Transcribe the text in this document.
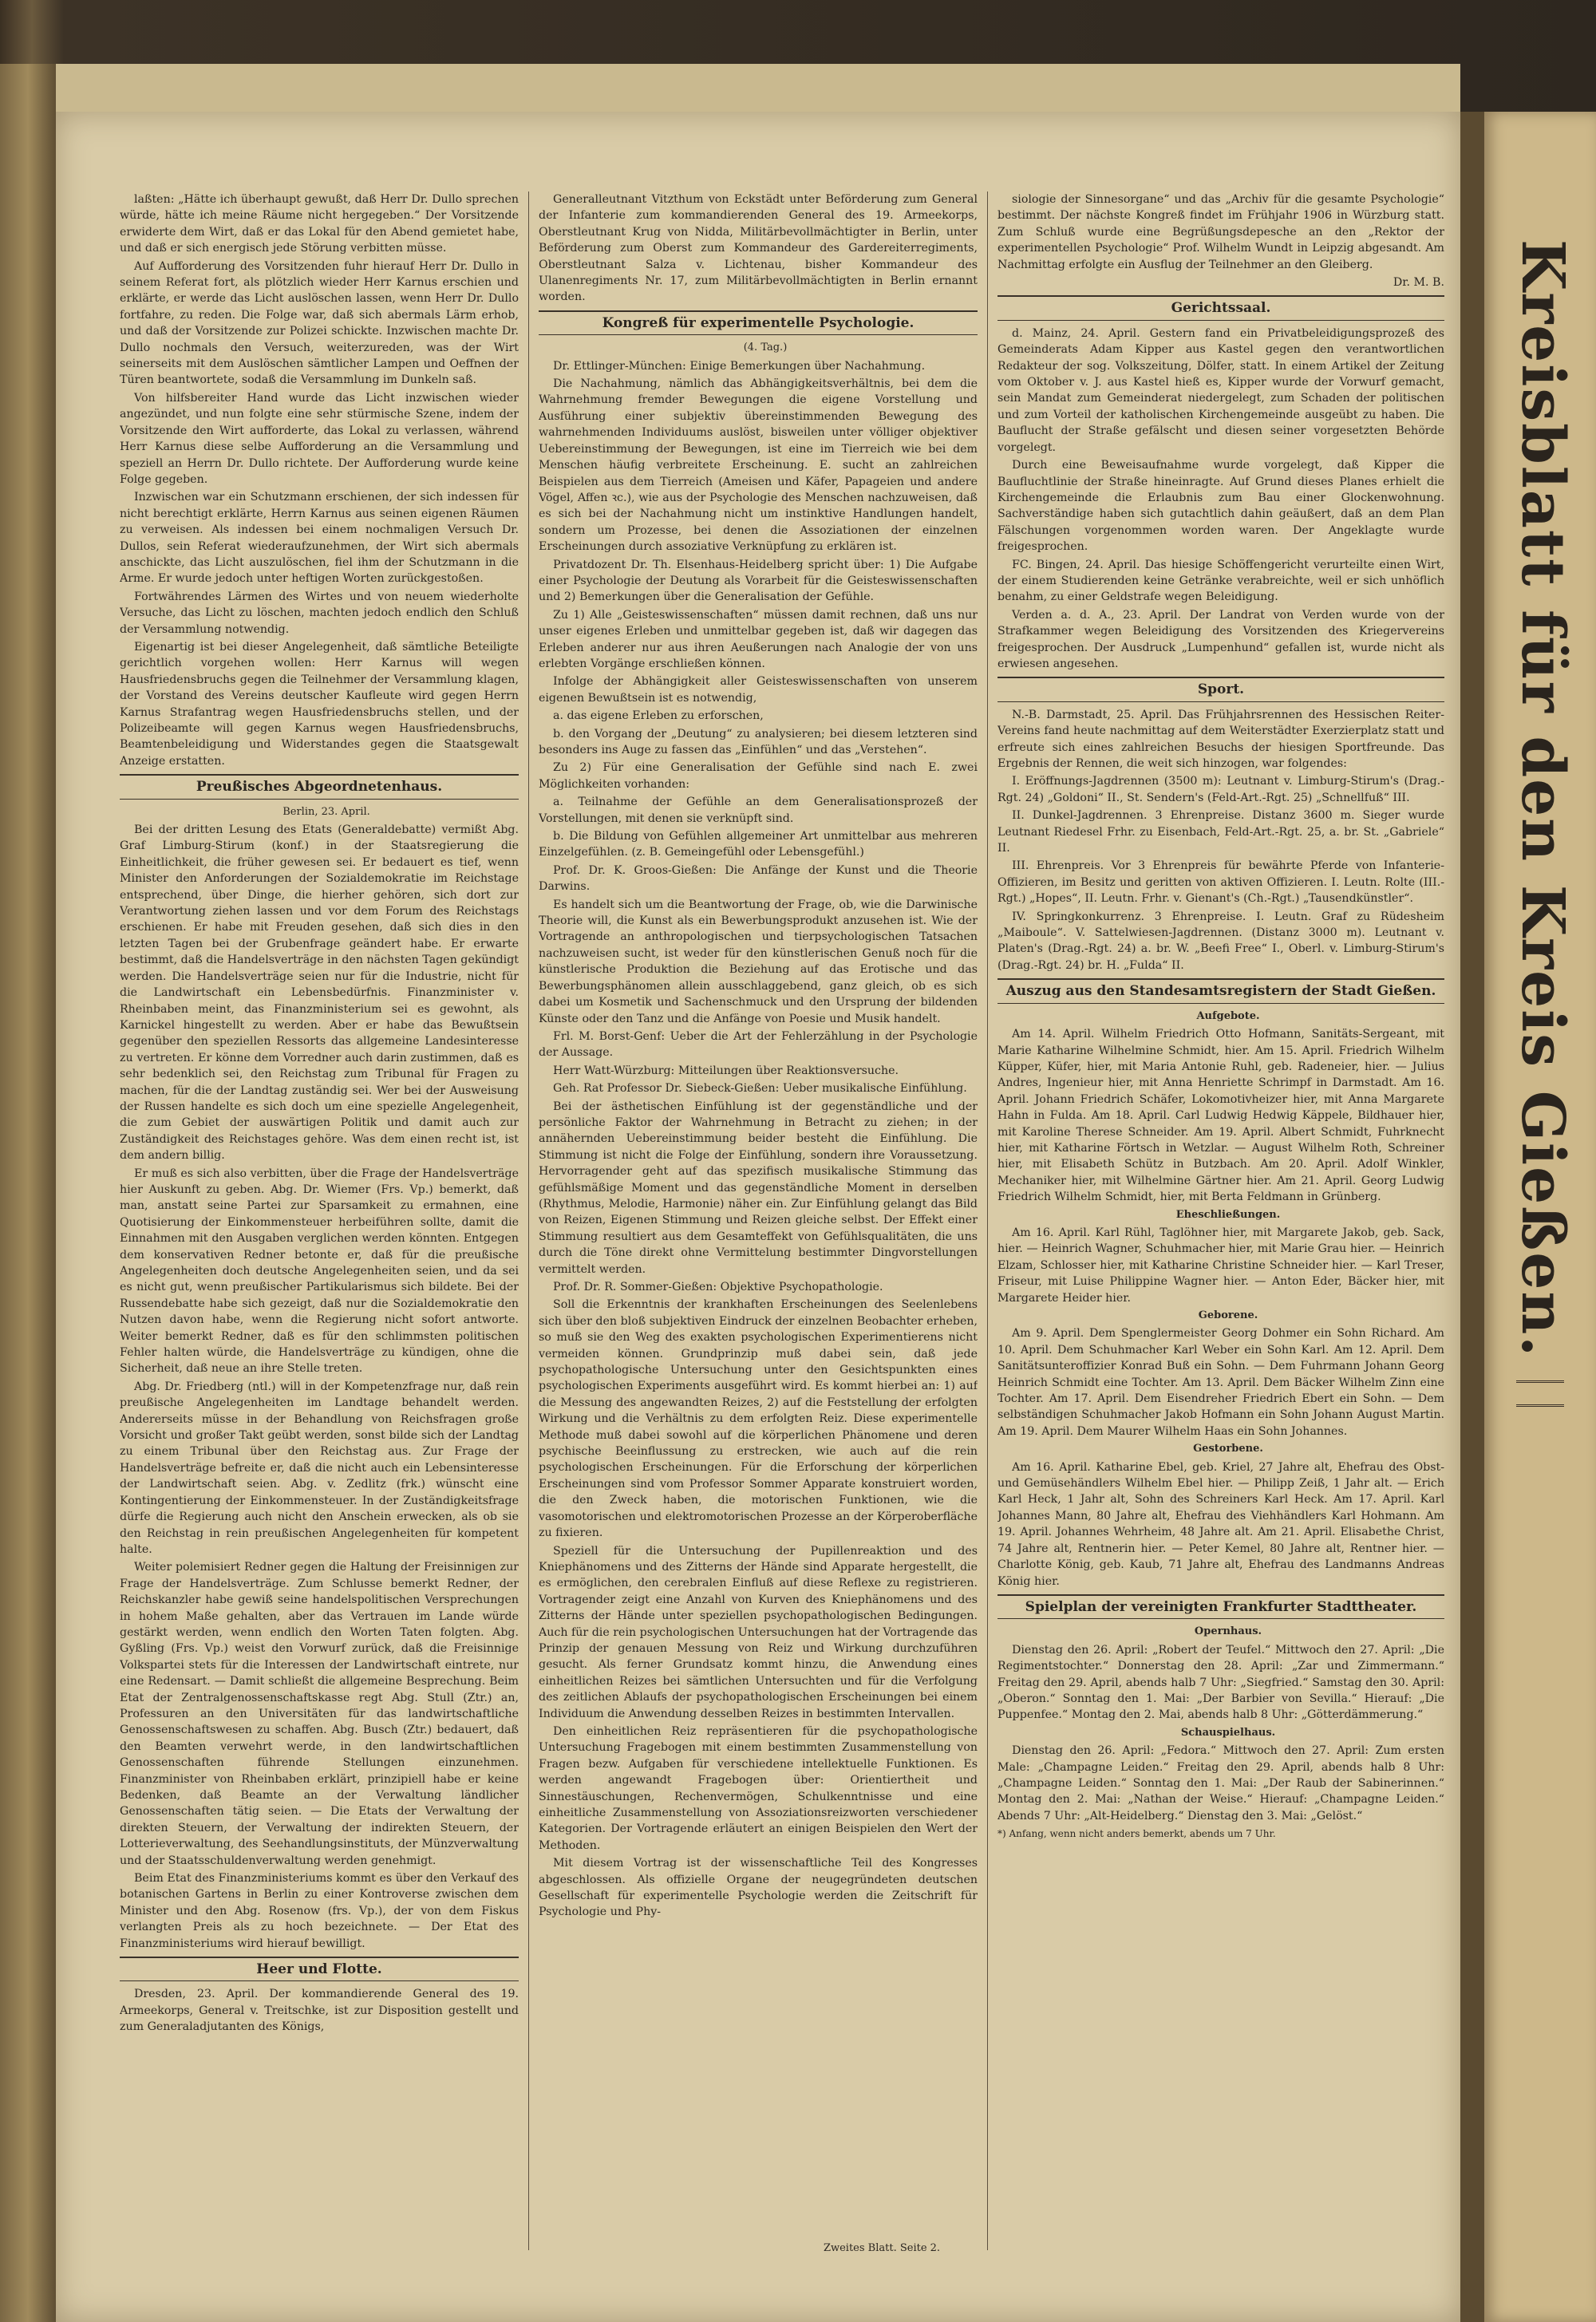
Kreisblatt für den Kreis Gießen.

laßten: „Hätte ich überhaupt gewußt, daß Herr Dr. Dullo sprechen würde, hätte ich meine Räume nicht hergegeben.“ Der Vorsitzende erwiderte dem Wirt, daß er das Lokal für den Abend gemietet habe, und daß er sich energisch jede Störung verbitten müsse.

Auf Aufforderung des Vorsitzenden fuhr hierauf Herr Dr. Dullo in seinem Referat fort, als plötzlich wieder Herr Karnus erschien und erklärte, er werde das Licht auslöschen lassen, wenn Herr Dr. Dullo fortfahre, zu reden. Die Folge war, daß sich abermals Lärm erhob, und daß der Vorsitzende zur Polizei schickte. Inzwischen machte Dr. Dullo nochmals den Versuch, weiterzureden, was der Wirt seinerseits mit dem Auslöschen sämtlicher Lampen und Oeffnen der Türen beantwortete, sodaß die Versammlung im Dunkeln saß.

Von hilfsbereiter Hand wurde das Licht inzwischen wieder angezündet, und nun folgte eine sehr stürmische Szene, indem der Vorsitzende den Wirt aufforderte, das Lokal zu verlassen, während Herr Karnus diese selbe Aufforderung an die Versammlung und speziell an Herrn Dr. Dullo richtete. Der Aufforderung wurde keine Folge gegeben.

Inzwischen war ein Schutzmann erschienen, der sich indessen für nicht berechtigt erklärte, Herrn Karnus aus seinen eigenen Räumen zu verweisen. Als indessen bei einem nochmaligen Versuch Dr. Dullos, sein Referat wiederaufzunehmen, der Wirt sich abermals anschickte, das Licht auszulöschen, fiel ihm der Schutzmann in die Arme. Er wurde jedoch unter heftigen Worten zurückgestoßen.

Fortwährendes Lärmen des Wirtes und von neuem wiederholte Versuche, das Licht zu löschen, machten jedoch endlich den Schluß der Versammlung notwendig.

Eigenartig ist bei dieser Angelegenheit, daß sämtliche Beteiligte gerichtlich vorgehen wollen: Herr Karnus will wegen Hausfriedensbruchs gegen die Teilnehmer der Versammlung klagen, der Vorstand des Vereins deutscher Kaufleute wird gegen Herrn Karnus Strafantrag wegen Hausfriedensbruchs stellen, und der Polizeibeamte will gegen Karnus wegen Hausfriedensbruchs, Beamtenbeleidigung und Widerstandes gegen die Staatsgewalt Anzeige erstatten.

Preußisches Abgeordnetenhaus.

Berlin, 23. April.

Bei der dritten Lesung des Etats (Generaldebatte) vermißt Abg. Graf Limburg-Stirum (konf.) in der Staatsregierung die Einheitlichkeit, die früher gewesen sei. Er bedauert es tief, wenn Minister den Anforderungen der Sozialdemokratie im Reichstage entsprechend, über Dinge, die hierher gehören, sich dort zur Verantwortung ziehen lassen und vor dem Forum des Reichstags erschienen. Er habe mit Freuden gesehen, daß sich dies in den letzten Tagen bei der Grubenfrage geändert habe. Er erwarte bestimmt, daß die Handelsverträge in den nächsten Tagen gekündigt werden. Die Handelsverträge seien nur für die Industrie, nicht für die Landwirtschaft ein Lebensbedürfnis. Finanzminister v. Rheinbaben meint, das Finanzministerium sei es gewohnt, als Karnickel hingestellt zu werden. Aber er habe das Bewußtsein gegenüber den speziellen Ressorts das allgemeine Landesinteresse zu vertreten. Er könne dem Vorredner auch darin zustimmen, daß es sehr bedenklich sei, den Reichstag zum Tribunal für Fragen zu machen, für die der Landtag zuständig sei. Wer bei der Ausweisung der Russen handelte es sich doch um eine spezielle Angelegenheit, die zum Gebiet der auswärtigen Politik und damit auch zur Zuständigkeit des Reichstages gehöre. Was dem einen recht ist, ist dem andern billig.

Er muß es sich also verbitten, über die Frage der Handelsverträge hier Auskunft zu geben. Abg. Dr. Wiemer (Frs. Vp.) bemerkt, daß man, anstatt seine Partei zur Sparsamkeit zu ermahnen, eine Quotisierung der Einkommensteuer herbeiführen sollte, damit die Einnahmen mit den Ausgaben verglichen werden könnten. Entgegen dem konservativen Redner betonte er, daß für die preußische Angelegenheiten doch deutsche Angelegenheiten seien, und da sei es nicht gut, wenn preußischer Partikularismus sich bildete. Bei der Russendebatte habe sich gezeigt, daß nur die Sozialdemokratie den Nutzen davon habe, wenn die Regierung nicht sofort antworte. Weiter bemerkt Redner, daß es für den schlimmsten politischen Fehler halten würde, die Handelsverträge zu kündigen, ohne die Sicherheit, daß neue an ihre Stelle treten.

Abg. Dr. Friedberg (ntl.) will in der Kompetenzfrage nur, daß rein preußische Angelegenheiten im Landtage behandelt werden. Andererseits müsse in der Behandlung von Reichsfragen große Vorsicht und großer Takt geübt werden, sonst bilde sich der Landtag zu einem Tribunal über den Reichstag aus. Zur Frage der Handelsverträge befreite er, daß die nicht auch ein Lebensinteresse der Landwirtschaft seien. Abg. v. Zedlitz (frk.) wünscht eine Kontingentierung der Einkommensteuer. In der Zuständigkeitsfrage dürfe die Regierung auch nicht den Anschein erwecken, als ob sie den Reichstag in rein preußischen Angelegenheiten für kompetent halte.

Weiter polemisiert Redner gegen die Haltung der Freisinnigen zur Frage der Handelsverträge. Zum Schlusse bemerkt Redner, der Reichskanzler habe gewiß seine handelspolitischen Versprechungen in hohem Maße gehalten, aber das Vertrauen im Lande würde gestärkt werden, wenn endlich den Worten Taten folgten. Abg. Gyßling (Frs. Vp.) weist den Vorwurf zurück, daß die Freisinnige Volkspartei stets für die Interessen der Landwirtschaft eintrete, nur eine Redensart. — Damit schließt die allgemeine Besprechung. Beim Etat der Zentralgenossenschaftskasse regt Abg. Stull (Ztr.) an, Professuren an den Universitäten für das landwirtschaftliche Genossenschaftswesen zu schaffen. Abg. Busch (Ztr.) bedauert, daß den Beamten verwehrt werde, in den landwirtschaftlichen Genossenschaften führende Stellungen einzunehmen. Finanzminister von Rheinbaben erklärt, prinzipiell habe er keine Bedenken, daß Beamte an der Verwaltung ländlicher Genossenschaften tätig seien. — Die Etats der Verwaltung der direkten Steuern, der Verwaltung der indirekten Steuern, der Lotterieverwaltung, des Seehandlungsinstituts, der Münzverwaltung und der Staatsschuldenverwaltung werden genehmigt.

Beim Etat des Finanzministeriums kommt es über den Verkauf des botanischen Gartens in Berlin zu einer Kontroverse zwischen dem Minister und den Abg. Rosenow (frs. Vp.), der von dem Fiskus verlangten Preis als zu hoch bezeichnete. — Der Etat des Finanzministeriums wird hierauf bewilligt.

Heer und Flotte.

Dresden, 23. April. Der kommandierende General des 19. Armeekorps, General v. Treitschke, ist zur Disposition gestellt und zum Generaladjutanten des Königs,

Generalleutnant Vitzthum von Eckstädt unter Beförderung zum General der Infanterie zum kommandierenden General des 19. Armeekorps, Oberstleutnant Krug von Nidda, Militärbevollmächtigter in Berlin, unter Beförderung zum Oberst zum Kommandeur des Gardereiterregiments, Oberstleutnant Salza v. Lichtenau, bisher Kommandeur des Ulanenregiments Nr. 17, zum Militärbevollmächtigten in Berlin ernannt worden.

Kongreß für experimentelle Psychologie.

(4. Tag.)

Dr. Ettlinger-München: Einige Bemerkungen über Nachahmung.

Die Nachahmung, nämlich das Abhängigkeitsverhältnis, bei dem die Wahrnehmung fremder Bewegungen die eigene Vorstellung und Ausführung einer subjektiv übereinstimmenden Bewegung des wahrnehmenden Individuums auslöst, bisweilen unter völliger objektiver Uebereinstimmung der Bewegungen, ist eine im Tierreich wie bei dem Menschen häufig verbreitete Erscheinung. E. sucht an zahlreichen Beispielen aus dem Tierreich (Ameisen und Käfer, Papageien und andere Vögel, Affen ꝛc.), wie aus der Psychologie des Menschen nachzuweisen, daß es sich bei der Nachahmung nicht um instinktive Handlungen handelt, sondern um Prozesse, bei denen die Assoziationen der einzelnen Erscheinungen durch assoziative Verknüpfung zu erklären ist.

Privatdozent Dr. Th. Elsenhaus-Heidelberg spricht über: 1) Die Aufgabe einer Psychologie der Deutung als Vorarbeit für die Geisteswissenschaften und 2) Bemerkungen über die Generalisation der Gefühle.

Zu 1) Alle „Geisteswissenschaften“ müssen damit rechnen, daß uns nur unser eigenes Erleben und unmittelbar gegeben ist, daß wir dagegen das Erleben anderer nur aus ihren Aeußerungen nach Analogie der von uns erlebten Vorgänge erschließen können.

Infolge der Abhängigkeit aller Geisteswissenschaften von unserem eigenen Bewußtsein ist es notwendig,

a. das eigene Erleben zu erforschen,

b. den Vorgang der „Deutung“ zu analysieren; bei diesem letzteren sind besonders ins Auge zu fassen das „Einfühlen“ und das „Verstehen“.

Zu 2) Für eine Generalisation der Gefühle sind nach E. zwei Möglichkeiten vorhanden:

a. Teilnahme der Gefühle an dem Generalisationsprozeß der Vorstellungen, mit denen sie verknüpft sind.

b. Die Bildung von Gefühlen allgemeiner Art unmittelbar aus mehreren Einzelgefühlen. (z. B. Gemeingefühl oder Lebensgefühl.)

Prof. Dr. K. Groos-Gießen: Die Anfänge der Kunst und die Theorie Darwins.

Es handelt sich um die Beantwortung der Frage, ob, wie die Darwinische Theorie will, die Kunst als ein Bewerbungsprodukt anzusehen ist. Wie der Vortragende an anthropologischen und tierpsychologischen Tatsachen nachzuweisen sucht, ist weder für den künstlerischen Genuß noch für die künstlerische Produktion die Beziehung auf das Erotische und das Bewerbungsphänomen allein ausschlaggebend, ganz gleich, ob es sich dabei um Kosmetik und Sachenschmuck und den Ursprung der bildenden Künste oder den Tanz und die Anfänge von Poesie und Musik handelt.

Frl. M. Borst-Genf: Ueber die Art der Fehlerzählung in der Psychologie der Aussage.

Herr Watt-Würzburg: Mitteilungen über Reaktionsversuche.

Geh. Rat Professor Dr. Siebeck-Gießen: Ueber musikalische Einfühlung.

Bei der ästhetischen Einfühlung ist der gegenständliche und der persönliche Faktor der Wahrnehmung in Betracht zu ziehen; in der annähernden Uebereinstimmung beider besteht die Einfühlung. Die Stimmung ist nicht die Folge der Einfühlung, sondern ihre Voraussetzung. Hervorragender geht auf das spezifisch musikalische Stimmung das gefühlsmäßige Moment und das gegenständliche Moment in derselben (Rhythmus, Melodie, Harmonie) näher ein. Zur Einfühlung gelangt das Bild von Reizen, Eigenen Stimmung und Reizen gleiche selbst. Der Effekt einer Stimmung resultiert aus dem Gesamteffekt von Gefühlsqualitäten, die uns durch die Töne direkt ohne Vermittelung bestimmter Dingvorstellungen vermittelt werden.

Prof. Dr. R. Sommer-Gießen: Objektive Psychopathologie.

Soll die Erkenntnis der krankhaften Erscheinungen des Seelenlebens sich über den bloß subjektiven Eindruck der einzelnen Beobachter erheben, so muß sie den Weg des exakten psychologischen Experimentierens nicht vermeiden können. Grundprinzip muß dabei sein, daß jede psychopathologische Untersuchung unter den Gesichtspunkten eines psychologischen Experiments ausgeführt wird. Es kommt hierbei an: 1) auf die Messung des angewandten Reizes, 2) auf die Feststellung der erfolgten Wirkung und die Verhältnis zu dem erfolgten Reiz. Diese experimentelle Methode muß dabei sowohl auf die körperlichen Phänomene und deren psychische Beeinflussung zu erstrecken, wie auch auf die rein psychologischen Erscheinungen. Für die Erforschung der körperlichen Erscheinungen sind vom Professor Sommer Apparate konstruiert worden, die den Zweck haben, die motorischen Funktionen, wie die vasomotorischen und elektromotorischen Prozesse an der Körperoberfläche zu fixieren.

Speziell für die Untersuchung der Pupillenreaktion und des Kniephänomens und des Zitterns der Hände sind Apparate hergestellt, die es ermöglichen, den cerebralen Einfluß auf diese Reflexe zu registrieren. Vortragender zeigt eine Anzahl von Kurven des Kniephänomens und des Zitterns der Hände unter speziellen psychopathologischen Bedingungen. Auch für die rein psychologischen Untersuchungen hat der Vortragende das Prinzip der genauen Messung von Reiz und Wirkung durchzuführen gesucht. Als ferner Grundsatz kommt hinzu, die Anwendung eines einheitlichen Reizes bei sämtlichen Untersuchten und für die Verfolgung des zeitlichen Ablaufs der psychopathologischen Erscheinungen bei einem Individuum die Anwendung desselben Reizes in bestimmten Intervallen.

Den einheitlichen Reiz repräsentieren für die psychopathologische Untersuchung Fragebogen mit einem bestimmten Zusammenstellung von Fragen bezw. Aufgaben für verschiedene intellektuelle Funktionen. Es werden angewandt Fragebogen über: Orientiertheit und Sinnestäuschungen, Rechenvermögen, Schulkenntnisse und eine einheitliche Zusammenstellung von Assoziationsreizworten verschiedener Kategorien. Der Vortragende erläutert an einigen Beispielen den Wert der Methoden.

Mit diesem Vortrag ist der wissenschaftliche Teil des Kongresses abgeschlossen. Als offizielle Organe der neugegründeten deutschen Gesellschaft für experimentelle Psychologie werden die Zeitschrift für Psychologie und Phy-

siologie der Sinnesorgane“ und das „Archiv für die gesamte Psychologie“ bestimmt. Der nächste Kongreß findet im Frühjahr 1906 in Würzburg statt. Zum Schluß wurde eine Begrüßungsdepesche an den „Rektor der experimentellen Psychologie“ Prof. Wilhelm Wundt in Leipzig abgesandt. Am Nachmittag erfolgte ein Ausflug der Teilnehmer an den Gleiberg.

Dr. M. B.

Gerichtssaal.

d. Mainz, 24. April. Gestern fand ein Privatbeleidigungsprozeß des Gemeinderats Adam Kipper aus Kastel gegen den verantwortlichen Redakteur der sog. Volkszeitung, Dölfer, statt. In einem Artikel der Zeitung vom Oktober v. J. aus Kastel hieß es, Kipper wurde der Vorwurf gemacht, sein Mandat zum Gemeinderat niedergelegt, zum Schaden der politischen und zum Vorteil der katholischen Kirchengemeinde ausgeübt zu haben. Die Bauflucht der Straße gefälscht und diesen seiner vorgesetzten Behörde vorgelegt.

Durch eine Beweisaufnahme wurde vorgelegt, daß Kipper die Baufluchtlinie der Straße hineinragte. Auf Grund dieses Planes erhielt die Kirchengemeinde die Erlaubnis zum Bau einer Glockenwohnung. Sachverständige haben sich gutachtlich dahin geäußert, daß an dem Plan Fälschungen vorgenommen worden waren. Der Angeklagte wurde freigesprochen.

FC. Bingen, 24. April. Das hiesige Schöffengericht verurteilte einen Wirt, der einem Studierenden keine Getränke verabreichte, weil er sich unhöflich benahm, zu einer Geldstrafe wegen Beleidigung.

Verden a. d. A., 23. April. Der Landrat von Verden wurde von der Strafkammer wegen Beleidigung des Vorsitzenden des Kriegervereins freigesprochen. Der Ausdruck „Lumpenhund“ gefallen ist, wurde nicht als erwiesen angesehen.

Sport.

N.-B. Darmstadt, 25. April. Das Frühjahrsrennen des Hessischen Reiter-Vereins fand heute nachmittag auf dem Weiterstädter Exerzierplatz statt und erfreute sich eines zahlreichen Besuchs der hiesigen Sportfreunde. Das Ergebnis der Rennen, die weit sich hinzogen, war folgendes:

I. Eröffnungs-Jagdrennen (3500 m): Leutnant v. Limburg-Stirum's (Drag.-Rgt. 24) „Goldoni“ II., St. Sendern's (Feld-Art.-Rgt. 25) „Schnellfuß“ III.

II. Dunkel-Jagdrennen. 3 Ehrenpreise. Distanz 3600 m. Sieger wurde Leutnant Riedesel Frhr. zu Eisenbach, Feld-Art.-Rgt. 25, a. br. St. „Gabriele“ II.

III. Ehrenpreis. Vor 3 Ehrenpreis für bewährte Pferde von Infanterie-Offizieren, im Besitz und geritten von aktiven Offizieren. I. Leutn. Rolte (III.-Rgt.) „Hopes“, II. Leutn. Frhr. v. Gienant's (Ch.-Rgt.) „Tausendkünstler“.

IV. Springkonkurrenz. 3 Ehrenpreise. I. Leutn. Graf zu Rüdesheim „Maiboule“. V. Sattelwiesen-Jagdrennen. (Distanz 3000 m). Leutnant v. Platen's (Drag.-Rgt. 24) a. br. W. „Beefi Free“ I., Oberl. v. Limburg-Stirum's (Drag.-Rgt. 24) br. H. „Fulda“ II.

Auszug aus den Standesamtsregistern der Stadt Gießen.

Aufgebote.

Am 14. April. Wilhelm Friedrich Otto Hofmann, Sanitäts-Sergeant, mit Marie Katharine Wilhelmine Schmidt, hier. Am 15. April. Friedrich Wilhelm Küpper, Küfer, hier, mit Maria Antonie Ruhl, geb. Radeneier, hier. — Julius Andres, Ingenieur hier, mit Anna Henriette Schrimpf in Darmstadt. Am 16. April. Johann Friedrich Schäfer, Lokomotivheizer hier, mit Anna Margarete Hahn in Fulda. Am 18. April. Carl Ludwig Hedwig Käppele, Bildhauer hier, mit Karoline Therese Schneider. Am 19. April. Albert Schmidt, Fuhrknecht hier, mit Katharine Förtsch in Wetzlar. — August Wilhelm Roth, Schreiner hier, mit Elisabeth Schütz in Butzbach. Am 20. April. Adolf Winkler, Mechaniker hier, mit Wilhelmine Gärtner hier. Am 21. April. Georg Ludwig Friedrich Wilhelm Schmidt, hier, mit Berta Feldmann in Grünberg.

Eheschließungen.

Am 16. April. Karl Rühl, Taglöhner hier, mit Margarete Jakob, geb. Sack, hier. — Heinrich Wagner, Schuhmacher hier, mit Marie Grau hier. — Heinrich Elzam, Schlosser hier, mit Katharine Christine Schneider hier. — Karl Treser, Friseur, mit Luise Philippine Wagner hier. — Anton Eder, Bäcker hier, mit Margarete Heider hier.

Geborene.

Am 9. April. Dem Spenglermeister Georg Dohmer ein Sohn Richard. Am 10. April. Dem Schuhmacher Karl Weber ein Sohn Karl. Am 12. April. Dem Sanitätsunteroffizier Konrad Buß ein Sohn. — Dem Fuhrmann Johann Georg Heinrich Schmidt eine Tochter. Am 13. April. Dem Bäcker Wilhelm Zinn eine Tochter. Am 17. April. Dem Eisendreher Friedrich Ebert ein Sohn. — Dem selbständigen Schuhmacher Jakob Hofmann ein Sohn Johann August Martin. Am 19. April. Dem Maurer Wilhelm Haas ein Sohn Johannes.

Gestorbene.

Am 16. April. Katharine Ebel, geb. Kriel, 27 Jahre alt, Ehefrau des Obst- und Gemüsehändlers Wilhelm Ebel hier. — Philipp Zeiß, 1 Jahr alt. — Erich Karl Heck, 1 Jahr alt, Sohn des Schreiners Karl Heck. Am 17. April. Karl Johannes Mann, 80 Jahre alt, Ehefrau des Viehhändlers Karl Hohmann. Am 19. April. Johannes Wehrheim, 48 Jahre alt. Am 21. April. Elisabethe Christ, 74 Jahre alt, Rentnerin hier. — Peter Kemel, 80 Jahre alt, Rentner hier. — Charlotte König, geb. Kaub, 71 Jahre alt, Ehefrau des Landmanns Andreas König hier.

Spielplan der vereinigten Frankfurter Stadttheater.

Opernhaus.

Dienstag den 26. April: „Robert der Teufel.“ Mittwoch den 27. April: „Die Regimentstochter.“ Donnerstag den 28. April: „Zar und Zimmermann.“ Freitag den 29. April, abends halb 7 Uhr: „Siegfried.“ Samstag den 30. April: „Oberon.“ Sonntag den 1. Mai: „Der Barbier von Sevilla.“ Hierauf: „Die Puppenfee.“ Montag den 2. Mai, abends halb 8 Uhr: „Götterdämmerung.“

Schauspielhaus.

Dienstag den 26. April: „Fedora.“ Mittwoch den 27. April: Zum ersten Male: „Champagne Leiden.“ Freitag den 29. April, abends halb 8 Uhr: „Champagne Leiden.“ Sonntag den 1. Mai: „Der Raub der Sabinerinnen.“ Montag den 2. Mai: „Nathan der Weise.“ Hierauf: „Champagne Leiden.“ Abends 7 Uhr: „Alt-Heidelberg.“ Dienstag den 3. Mai: „Gelöst.“

*) Anfang, wenn nicht anders bemerkt, abends um 7 Uhr.

Zweites Blatt. Seite 2.
